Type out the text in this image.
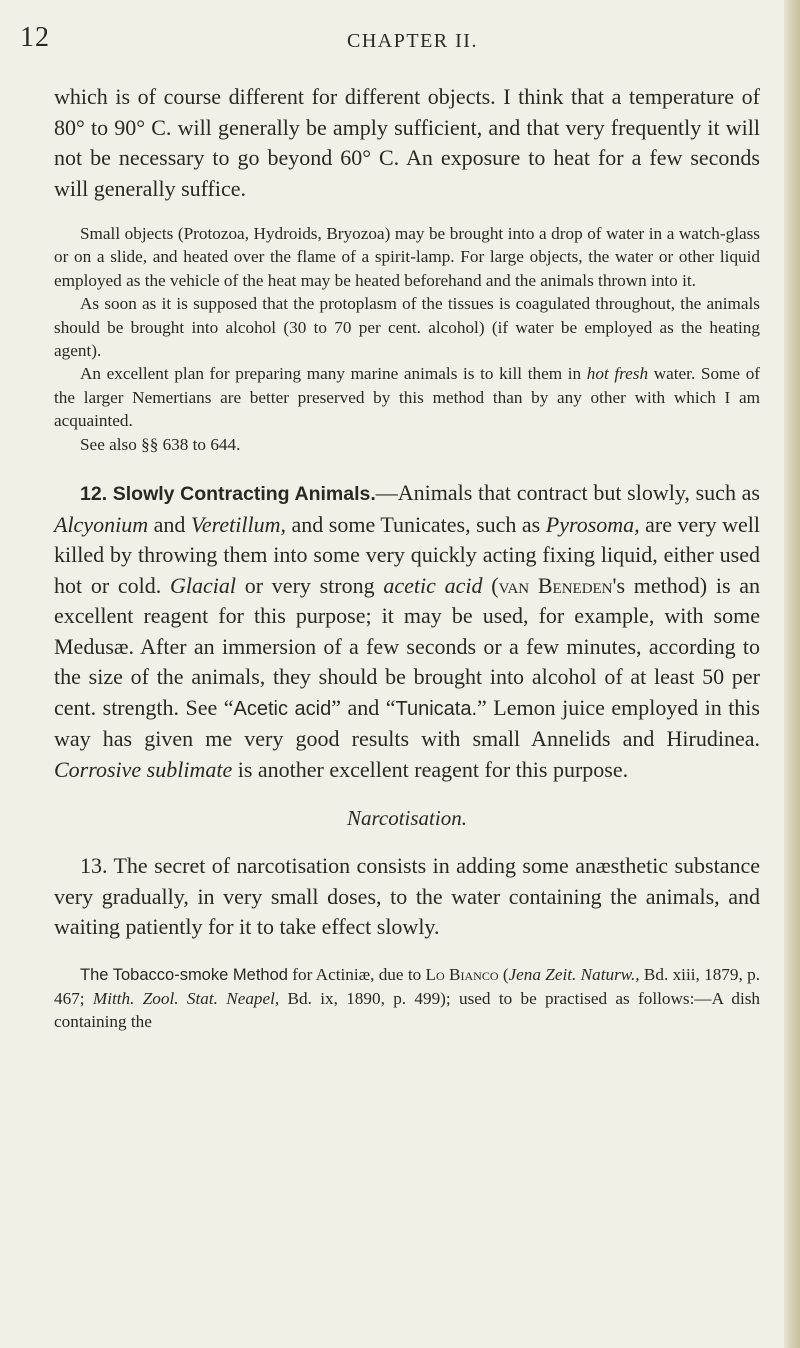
12	CHAPTER II.

which is of course different for different objects. I think that a temperature of 80° to 90° C. will generally be amply sufficient, and that very frequently it will not be necessary to go beyond 60° C. An exposure to heat for a few seconds will generally suffice.

Small objects (Protozoa, Hydroids, Bryozoa) may be brought into a drop of water in a watch-glass or on a slide, and heated over the flame of a spirit-lamp. For large objects, the water or other liquid employed as the vehicle of the heat may be heated beforehand and the animals thrown into it.

As soon as it is supposed that the protoplasm of the tissues is coagulated throughout, the animals should be brought into alcohol (30 to 70 per cent. alcohol) (if water be employed as the heating agent).

An excellent plan for preparing many marine animals is to kill them in hot fresh water. Some of the larger Nemertians are better preserved by this method than by any other with which I am acquainted.

See also §§ 638 to 644.

12. Slowly Contracting Animals.—Animals that contract but slowly, such as Alcyonium and Veretillum, and some Tunicates, such as Pyrosoma, are very well killed by throwing them into some very quickly acting fixing liquid, either used hot or cold. Glacial or very strong acetic acid (van Beneden's method) is an excellent reagent for this purpose; it may be used, for example, with some Medusæ. After an immersion of a few seconds or a few minutes, according to the size of the animals, they should be brought into alcohol of at least 50 per cent. strength. See “Acetic acid” and “Tunicata.” Lemon juice employed in this way has given me very good results with small Annelids and Hirudinea. Corrosive sublimate is another excellent reagent for this purpose.

Narcotisation.

13. The secret of narcotisation consists in adding some anæsthetic substance very gradually, in very small doses, to the water containing the animals, and waiting patiently for it to take effect slowly.

The Tobacco-smoke Method for Actiniæ, due to Lo Bianco (Jena Zeit. Naturw., Bd. xiii, 1879, p. 467; Mitth. Zool. Stat. Neapel, Bd. ix, 1890, p. 499); used to be practised as follows:—A dish containing the
